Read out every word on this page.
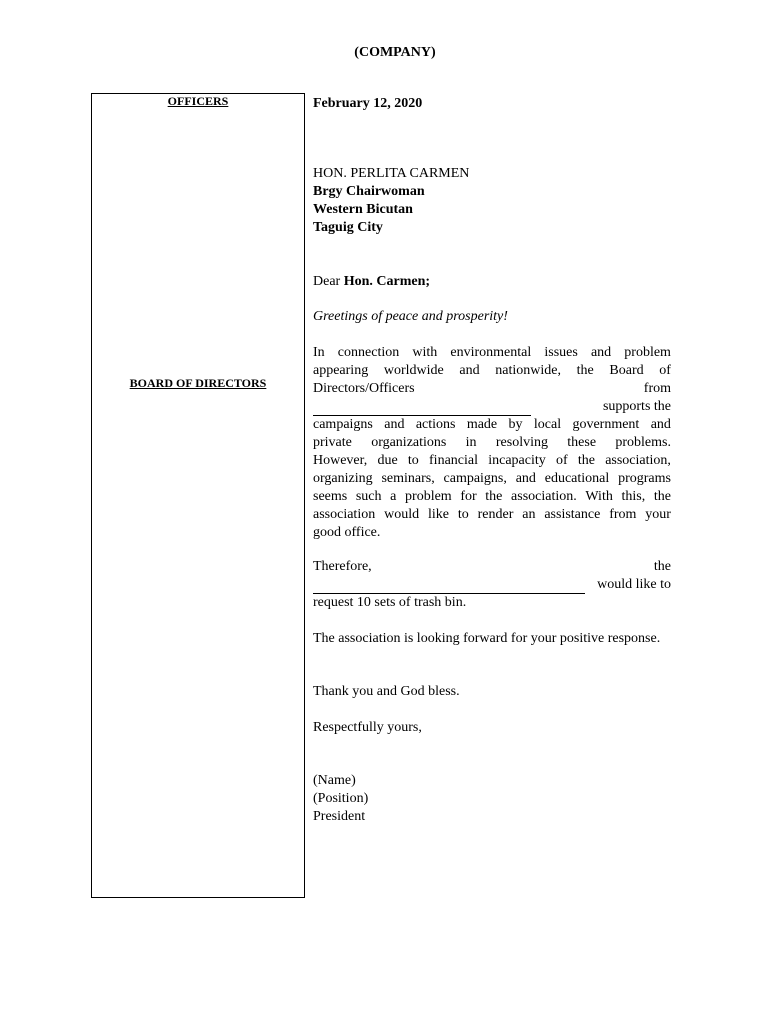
(COMPANY)
OFFICERS
BOARD OF DIRECTORS
February 12, 2020
HON. PERLITA CARMEN
Brgy Chairwoman
Western Bicutan
Taguig City
Dear Hon. Carmen;
Greetings of peace and prosperity!
In connection with environmental issues and problem
appearing worldwide and nationwide, the Board of
Directors/Officers	from
supports the
campaigns and actions made by local government and
private organizations in resolving these problems.
However, due to financial incapacity of the association,
organizing seminars, campaigns, and educational programs
seems such a problem for the association. With this, the
association would like to render an assistance from your
good office.
Therefore,	the
would like to
request 10 sets of trash bin.
The association is looking forward for your positive response.
Thank you and God bless.
Respectfully yours,
(Name)
(Position)
President
